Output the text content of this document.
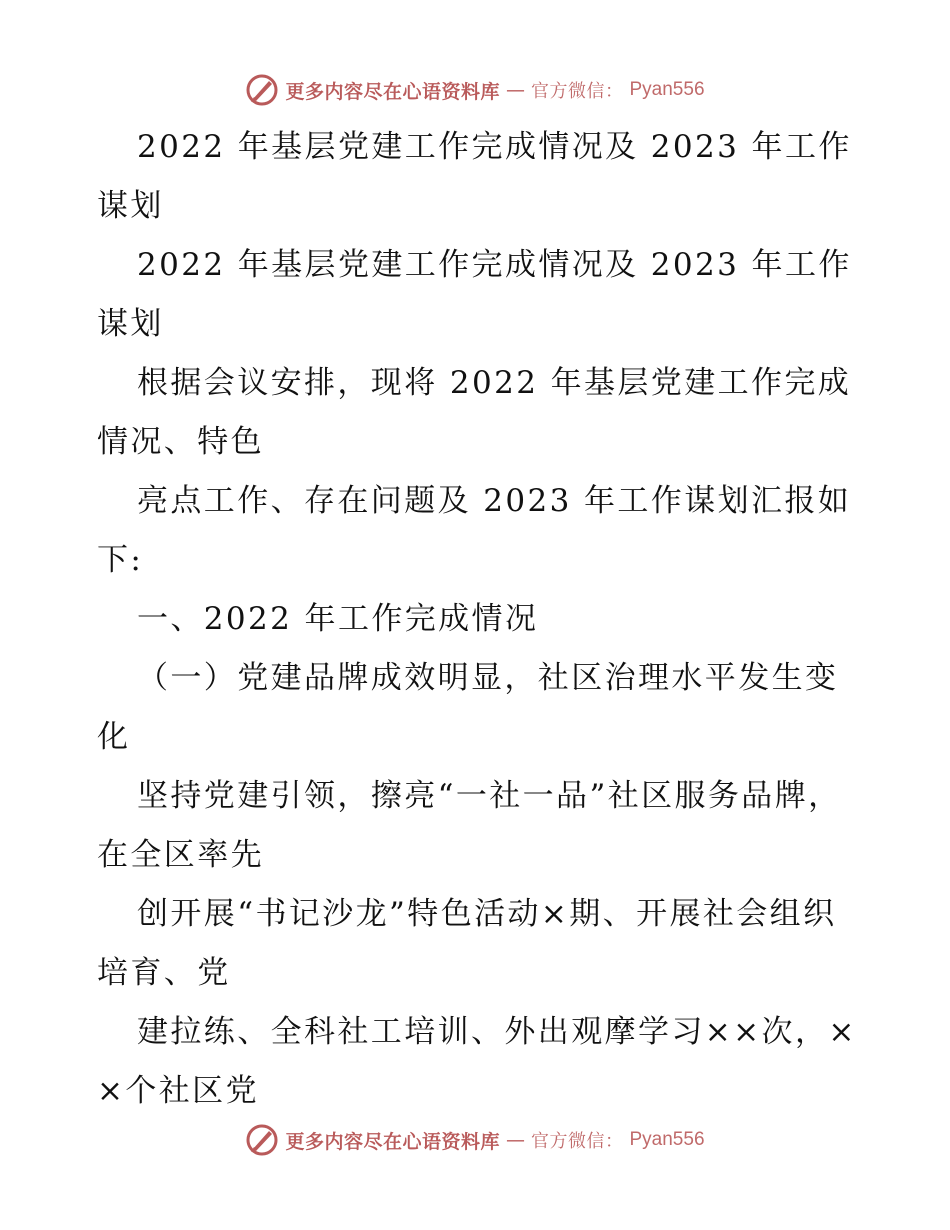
更多内容尽在心语资料库 — 官方微信： Pyan556

2022 年基层党建工作完成情况及 2023 年工作谋划

2022 年基层党建工作完成情况及 2023 年工作谋划

根据会议安排，现将 2022 年基层党建工作完成情况、特色

亮点工作、存在问题及 2023 年工作谋划汇报如下:

一、2022 年工作完成情况

（一）党建品牌成效明显，社区治理水平发生变化

坚持党建引领，擦亮“一社一品”社区服务品牌，在全区率先

创开展“书记沙龙”特色活动×期、开展社会组织培育、党

建拉练、全科社工培训、外出观摩学习××次，××个社区党

更多内容尽在心语资料库 — 官方微信： Pyan556
